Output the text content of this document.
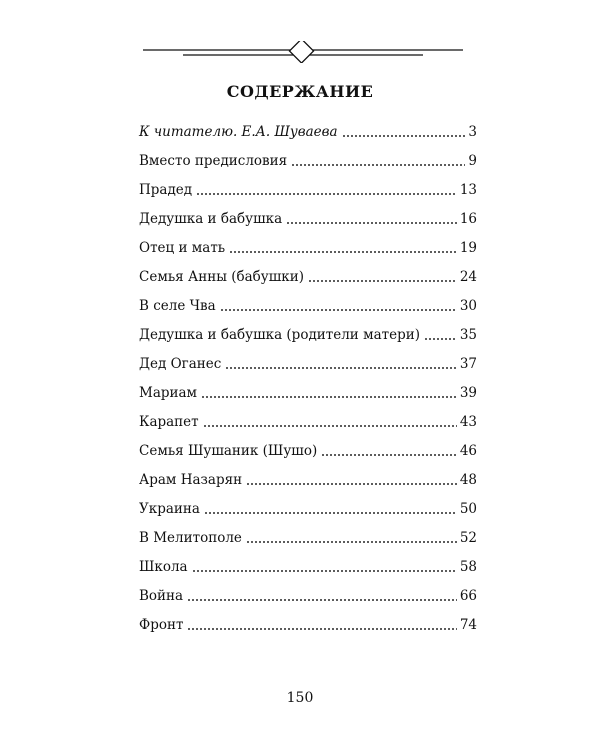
СОДЕРЖАНИЕ
К читателю. Е.А. Шуваева	3
Вместо предисловия	9
Прадед	13
Дедушка и бабушка	16
Отец и мать	19
Семья Анны (бабушки)	24
В селе Чва	30
Дедушка и бабушка (родители матери)	35
Дед Оганес	37
Мариам	39
Карапет	43
Семья Шушаник (Шушо)	46
Арам Назарян	48
Украина	50
В Мелитополе	52
Школа	58
Война	66
Фронт	74
150
